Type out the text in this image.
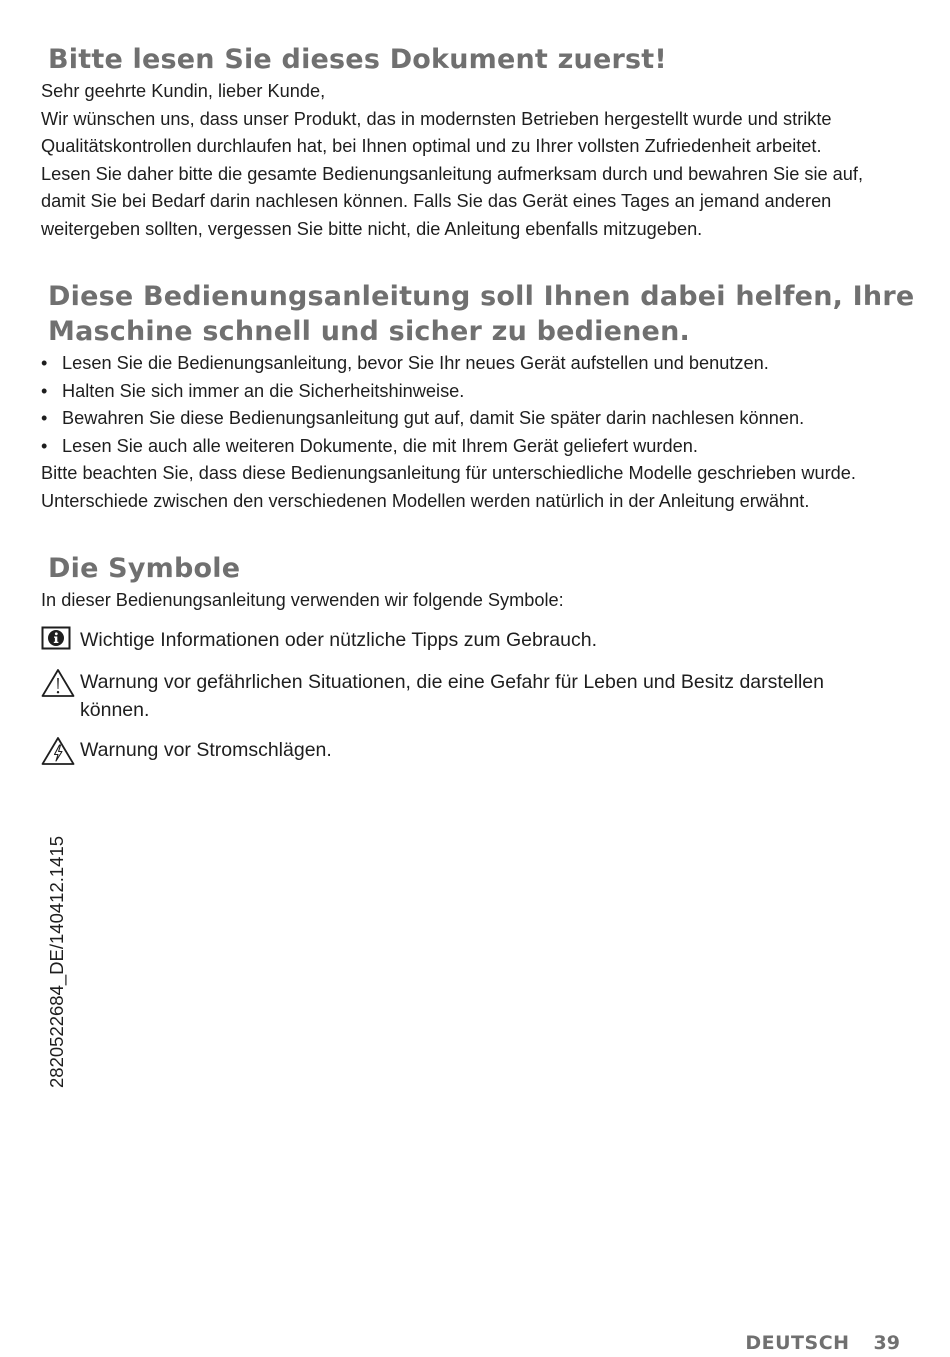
Bitte lesen Sie dieses Dokument zuerst!

Sehr geehrte Kundin, lieber Kunde,

Wir wünschen uns, dass unser Produkt, das in modernsten Betrieben hergestellt wurde und strikte

Qualitätskontrollen durchlaufen hat, bei Ihnen optimal und zu Ihrer vollsten Zufriedenheit arbeitet.

Lesen Sie daher bitte die gesamte Bedienungsanleitung aufmerksam durch und bewahren Sie sie auf,

damit Sie bei Bedarf darin nachlesen können. Falls Sie das Gerät eines Tages an jemand anderen

weitergeben sollten, vergessen Sie bitte nicht, die Anleitung ebenfalls mitzugeben.

Diese Bedienungsanleitung soll Ihnen dabei helfen, Ihre
Maschine schnell und sicher zu bedienen.
• Lesen Sie die Bedienungsanleitung, bevor Sie Ihr neues Gerät aufstellen und benutzen.
• Halten Sie sich immer an die Sicherheitshinweise.
• Bewahren Sie diese Bedienungsanleitung gut auf, damit Sie später darin nachlesen können.
• Lesen Sie auch alle weiteren Dokumente, die mit Ihrem Gerät geliefert wurden.

Bitte beachten Sie, dass diese Bedienungsanleitung für unterschiedliche Modelle geschrieben wurde.

Unterschiede zwischen den verschiedenen Modellen werden natürlich in der Anleitung erwähnt.

Die Symbole

In dieser Bedienungsanleitung verwenden wir folgende Symbole:

Wichtige Informationen oder nützliche Tipps zum Gebrauch.
Warnung vor gefährlichen Situationen, die eine Gefahr für Leben und Besitz darstellen
können.
Warnung vor Stromschlägen.
2820522684_DE/140412.1415
DEUTSCH 39
